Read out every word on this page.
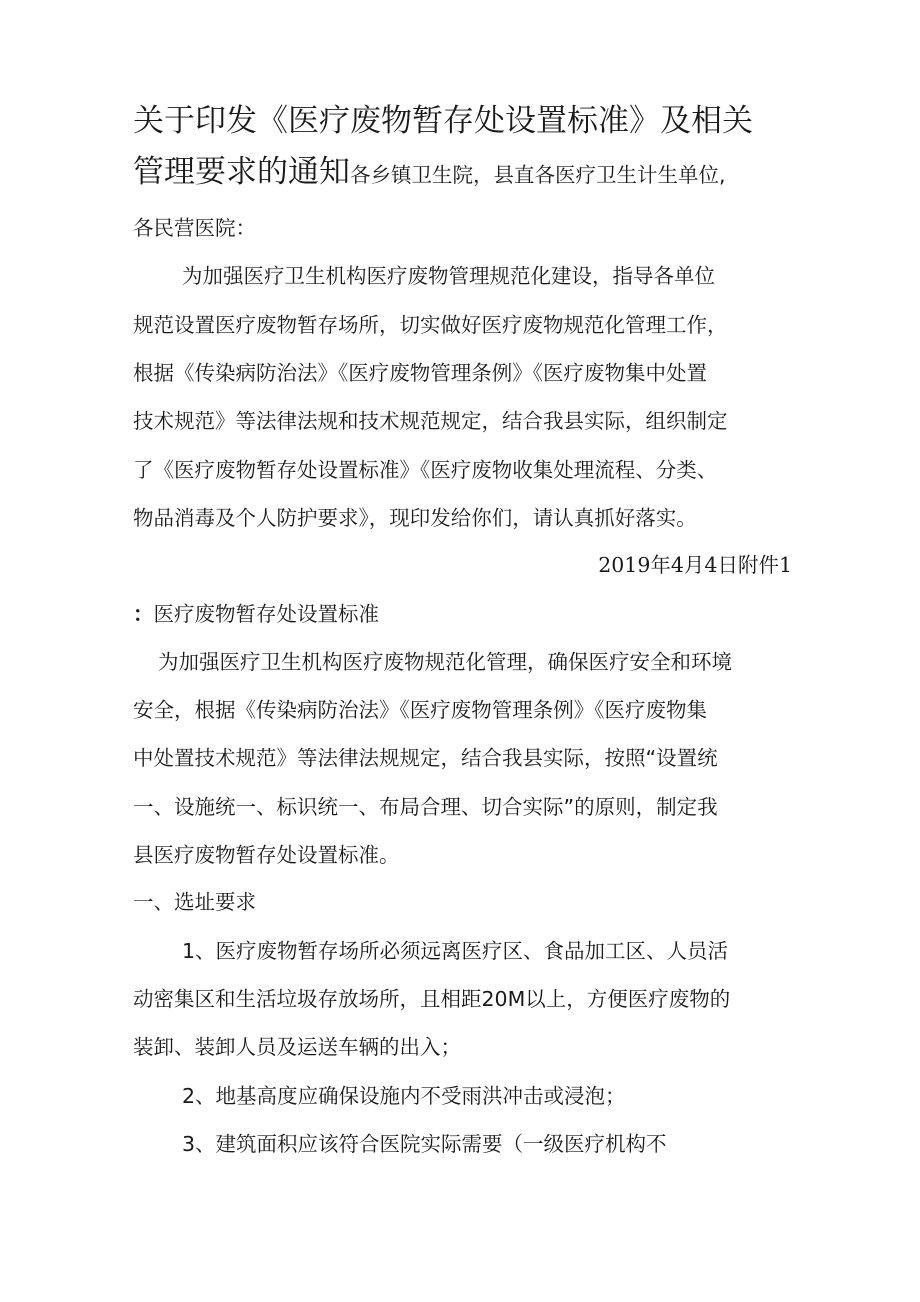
关于印发《医疗废物暂存处设置标准》及相关
管理要求的通知各乡镇卫生院，县直各医疗卫生计生单位,
各民营医院：
为加强医疗卫生机构医疗废物管理规范化建设，指导各单位
规范设置医疗废物暂存场所，切实做好医疗废物规范化管理工作，
根据《传染病防治法》《医疗废物管理条例》《医疗废物集中处置
技术规范》等法律法规和技术规范规定，结合我县实际，组织制定
了《医疗废物暂存处设置标准》《医疗废物收集处理流程、分类、
物品消毒及个人防护要求》，现印发给你们，请认真抓好落实。
2019年4月4日附件1
：医疗废物暂存处设置标准
为加强医疗卫生机构医疗废物规范化管理，确保医疗安全和环境
安全，根据《传染病防治法》《医疗废物管理条例》《医疗废物集
中处置技术规范》等法律法规规定，结合我县实际，按照“设置统
一、设施统一、标识统一、布局合理、切合实际”的原则，制定我
县医疗废物暂存处设置标准。
一、选址要求
1、医疗废物暂存场所必须远离医疗区、食品加工区、人员活
动密集区和生活垃圾存放场所，且相距20M以上，方便医疗废物的
装卸、装卸人员及运送车辆的出入；
2、地基高度应确保设施内不受雨洪冲击或浸泡；
3、建筑面积应该符合医院实际需要（一级医疗机构不
